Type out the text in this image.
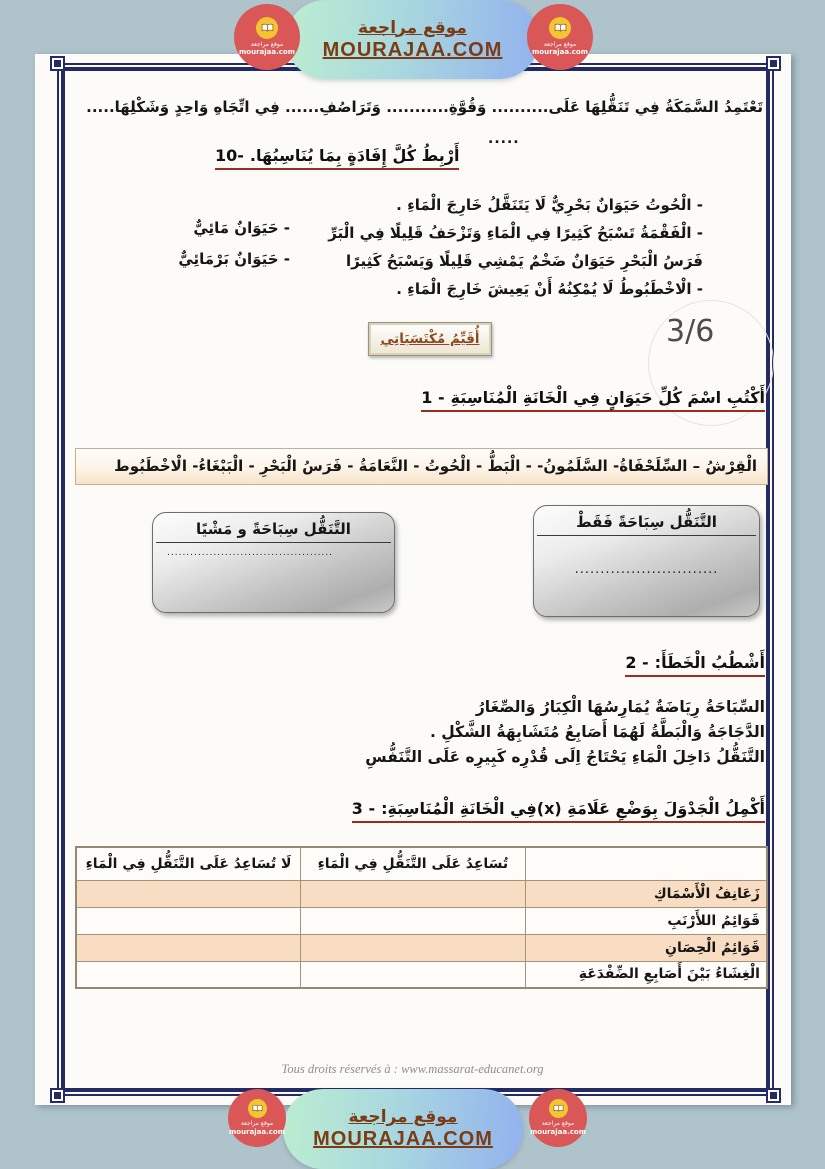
تَعْتَمِدُ السَّمَكَةُ فِي تَنَقُّلِهَا عَلَى.......... وَقُوَّةِ........... وَتَرَاصُفِ...... فِي اتِّجَاهِ وَاحِدٍ وَشَكْلِهَا.....
.....
10- أَرْبِطُ كُلَّ إِفَادَةٍ بِمَا يُنَاسِبُهَا.
- الْحُوتُ حَيَوَانٌ بَحْرِيٌّ لَا يَتَنَقَّلُ خَارِجَ الْمَاءِ .
- الْفَقْمَةُ تَسْبَحُ كَثِيرًا فِي الْمَاءِ وَتَزْحَفُ قَلِيلًا فِي الْبَرِّ
فَرَسُ الْبَحْرِ حَيَوَانٌ ضَخْمٌ يَمْشِي قَلِيلًا وَيَسْبَحُ كَثِيرًا
- الْاخْطَبُوطُ لَا يُمْكِنُهُ أَنْ يَعِيشَ خَارِجَ الْمَاءِ .
- حَيَوَانٌ مَائِيٌّ
- حَيَوَانٌ بَرْمَائِيٌّ
أُقَيِّمُ مُكْتَسَبَاتِي	3/6
1 - أَكْتُبِ اسْمَ كُلِّ حَيَوَانٍ فِي الْخَانَةِ الْمُنَاسِبَةِ
الْقِرْشُ – السِّلَحْفَاةُ- السَّلَمُونُ- - الْبَطُّ - الْحُوتُ - النَّعَامَةُ - فَرَسُ الْبَحْرِ - الْبَبْغَاءُ- الْاخْطَبُوط
التَّنَقُّل سِبَاحَةً و مَشْيًا
...........................................
التَّنَقُّل سِبَاحَةً فَقَطْ
............................
2 - أَشْطُبُ الْخَطَأَ:
السِّبَاحَةُ رِيَاضَةٌ يُمَارِسُهَا الْكِبَارُ وَالصِّغَارُ
الدَّجَاجَةُ وَالْبَطَّةُ لَهُمَا أَصَابِعُ مُتَشَابِهَةُ الشَّكْلِ .
التَّنَقُّلُ دَاخِلَ الْمَاءِ يَحْتَاجُ اِلَى قُدْرِه كَبِيرِه عَلَى التَّنَفُّسِ
3 - أَكْمِلُ الْجَدْوَلَ بِوَضْعِ عَلَامَةِ (x)فِي الْخَانَةِ الْمُنَاسِبَةِ:
	تُسَاعِدُ عَلَى التَّنَقُّلِ فِي الْمَاءِ	لَا تُسَاعِدُ عَلَى التَّنَقُّلِ فِي الْمَاءِ
زَعَانِفُ الْأَسْمَاكِ		
قَوَائِمُ اللأَرْنَبِ		
قَوَائِمُ الْحِصَانِ		
الْغِشَاءُ بَيْنَ أَصَابِعِ الضِّفْدَعَةِ		
Tous droits réservés à : www.massarat-educanet.org
موقع مراجعة
MOURAJAA.COM
موقع مراجعة
mourajaa.com
موقع مراجعة
mourajaa.com
موقع مراجعة
MOURAJAA.COM
موقع مراجعة
mourajaa.com
موقع مراجعة
mourajaa.com
